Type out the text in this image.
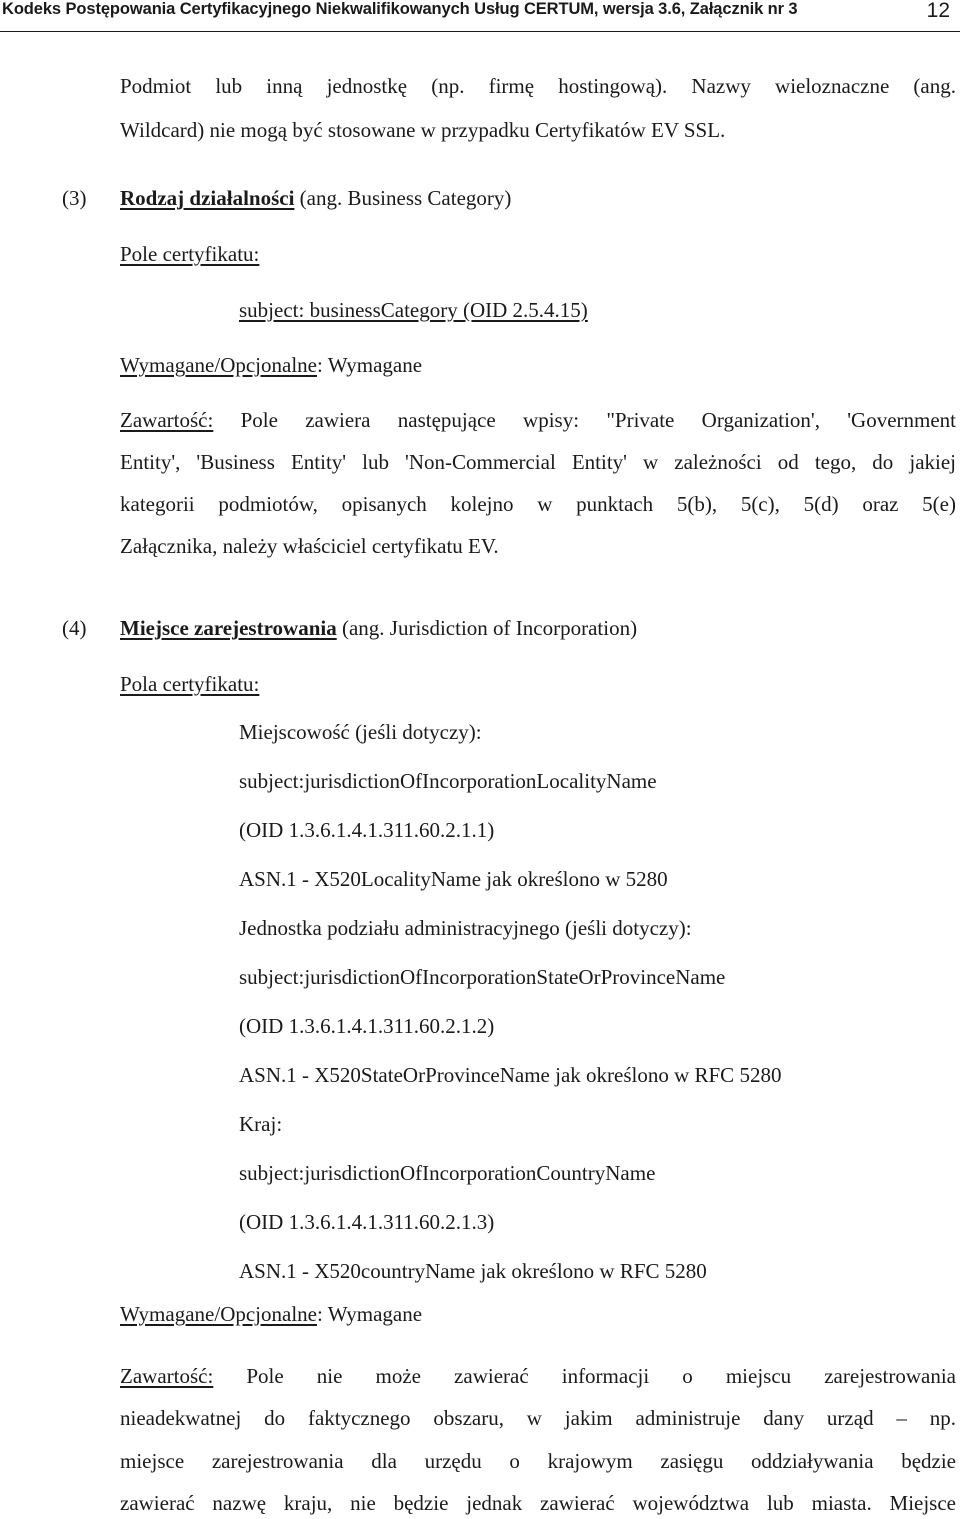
Kodeks Postępowania Certyfikacyjnego Niekwalifikowanych Usług CERTUM, wersja 3.6, Załącznik nr 3	12
Podmiot lub inną jednostkę (np. firmę hostingową). Nazwy wieloznaczne (ang.
Wildcard) nie mogą być stosowane w przypadku Certyfikatów EV SSL.
(3) Rodzaj działalności (ang. Business Category)
Pole certyfikatu:
subject: businessCategory (OID 2.5.4.15)
Wymagane/Opcjonalne: Wymagane
Zawartość: Pole zawiera następujące wpisy: "Private Organization', 'Government
Entity', 'Business Entity' lub 'Non-Commercial Entity' w zależności od tego, do jakiej
kategorii podmiotów, opisanych kolejno w punktach 5(b), 5(c), 5(d) oraz 5(e)
Załącznika, należy właściciel certyfikatu EV.
(4) Miejsce zarejestrowania (ang. Jurisdiction of Incorporation)
Pola certyfikatu:
Miejscowość (jeśli dotyczy):
subject:jurisdictionOfIncorporationLocalityName
(OID 1.3.6.1.4.1.311.60.2.1.1)
ASN.1 - X520LocalityName jak określono w 5280
Jednostka podziału administracyjnego (jeśli dotyczy):
subject:jurisdictionOfIncorporationStateOrProvinceName
(OID 1.3.6.1.4.1.311.60.2.1.2)
ASN.1 - X520StateOrProvinceName jak określono w RFC 5280
Kraj:
subject:jurisdictionOfIncorporationCountryName
(OID 1.3.6.1.4.1.311.60.2.1.3)
ASN.1 - X520countryName jak określono w RFC 5280
Wymagane/Opcjonalne: Wymagane
Zawartość: Pole nie może zawierać informacji o miejscu zarejestrowania
nieadekwatnej do faktycznego obszaru, w jakim administruje dany urząd – np.
miejsce zarejestrowania dla urzędu o krajowym zasięgu oddziaływania będzie
zawierać nazwę kraju, nie będzie jednak zawierać województwa lub miasta. Miejsce
